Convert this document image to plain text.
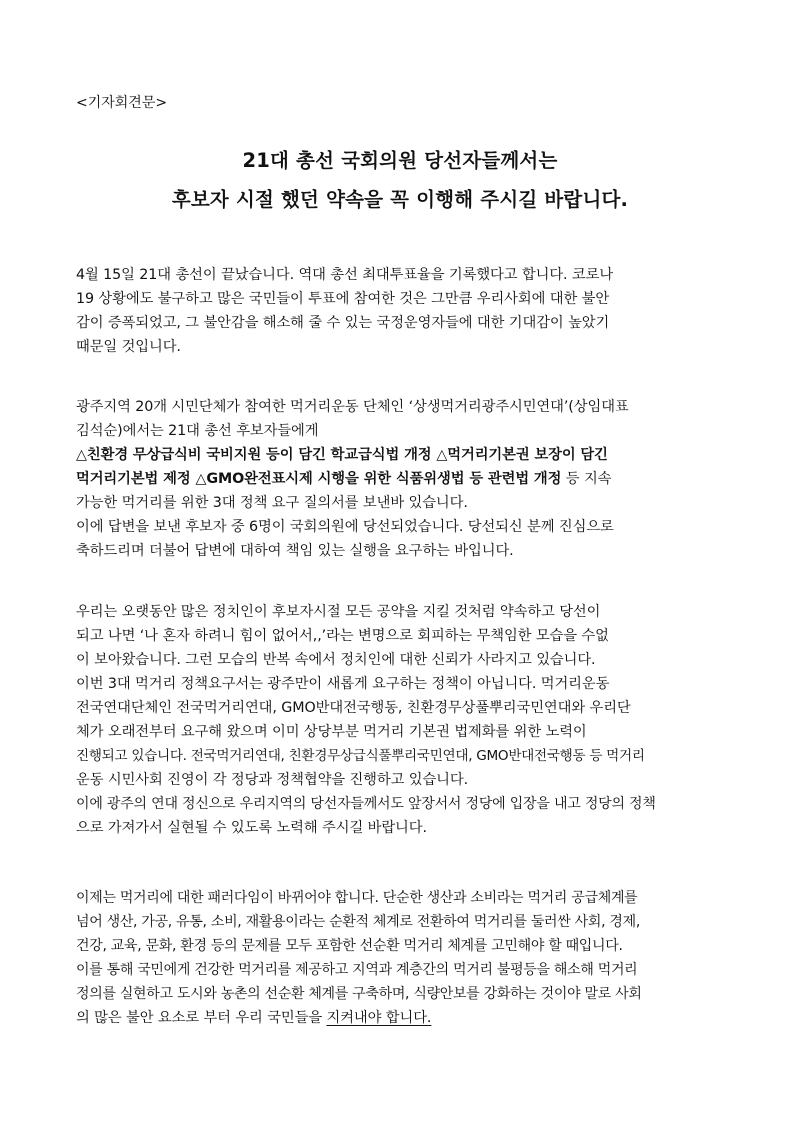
<기자회견문>
21대 총선 국회의원 당선자들께서는
후보자 시절 했던 약속을 꼭 이행해 주시길 바랍니다.
4월 15일 21대 총선이 끝났습니다. 역대 총선 최대투표율을 기록했다고 합니다. 코로나
19 상황에도 불구하고 많은 국민들이 투표에 참여한 것은 그만큼 우리사회에 대한 불안
감이 증폭되었고, 그 불안감을 해소해 줄 수 있는 국정운영자들에 대한 기대감이 높았기
때문일 것입니다.
광주지역 20개 시민단체가 참여한 먹거리운동 단체인 ‘상생먹거리광주시민연대’(상임대표
김석순)에서는 21대 총선 후보자들에게
△친환경 무상급식비 국비지원 등이 담긴 학교급식법 개정 △먹거리기본권 보장이 담긴
먹거리기본법 제정 △GMO완전표시제 시행을 위한 식품위생법 등 관련법 개정 등 지속
가능한 먹거리를 위한 3대 정책 요구 질의서를 보낸바 있습니다.
이에 답변을 보낸 후보자 중 6명이 국회의원에 당선되었습니다. 당선되신 분께 진심으로
축하드리며 더불어 답변에 대하여 책임 있는 실행을 요구하는 바입니다.
우리는 오랫동안 많은 정치인이 후보자시절 모든 공약을 지킬 것처럼 약속하고 당선이
되고 나면 ‘나 혼자 하려니 힘이 없어서,,’라는 변명으로 회피하는 무책임한 모습을 수없
이 보아왔습니다. 그런 모습의 반복 속에서 정치인에 대한 신뢰가 사라지고 있습니다.
이번 3대 먹거리 정책요구서는 광주만이 새롭게 요구하는 정책이 아닙니다. 먹거리운동
전국연대단체인 전국먹거리연대, GMO반대전국행동, 친환경무상풀뿌리국민연대와 우리단
체가 오래전부터 요구해 왔으며 이미 상당부분 먹거리 기본권 법제화를 위한 노력이
진행되고 있습니다. 전국먹거리연대, 친환경무상급식풀뿌리국민연대, GMO반대전국행동 등 먹거리
운동 시민사회 진영이 각 정당과 정책협약을 진행하고 있습니다.
이에 광주의 연대 정신으로 우리지역의 당선자들께서도 앞장서서 정당에 입장을 내고 정당의 정책
으로 가져가서 실현될 수 있도록 노력해 주시길 바랍니다.
이제는 먹거리에 대한 패러다임이 바뀌어야 합니다. 단순한 생산과 소비라는 먹거리 공급체계를
넘어 생산, 가공, 유통, 소비, 재활용이라는 순환적 체계로 전환하여 먹거리를 둘러싼 사회, 경제,
건강, 교육, 문화, 환경 등의 문제를 모두 포함한 선순환 먹거리 체계를 고민해야 할 때입니다.
이를 통해 국민에게 건강한 먹거리를 제공하고 지역과 계층간의 먹거리 불평등을 해소해 먹거리
정의를 실현하고 도시와 농촌의 선순환 체계를 구축하며, 식량안보를 강화하는 것이야 말로 사회
의 많은 불안 요소로 부터 우리 국민들을 지켜내야 합니다.
